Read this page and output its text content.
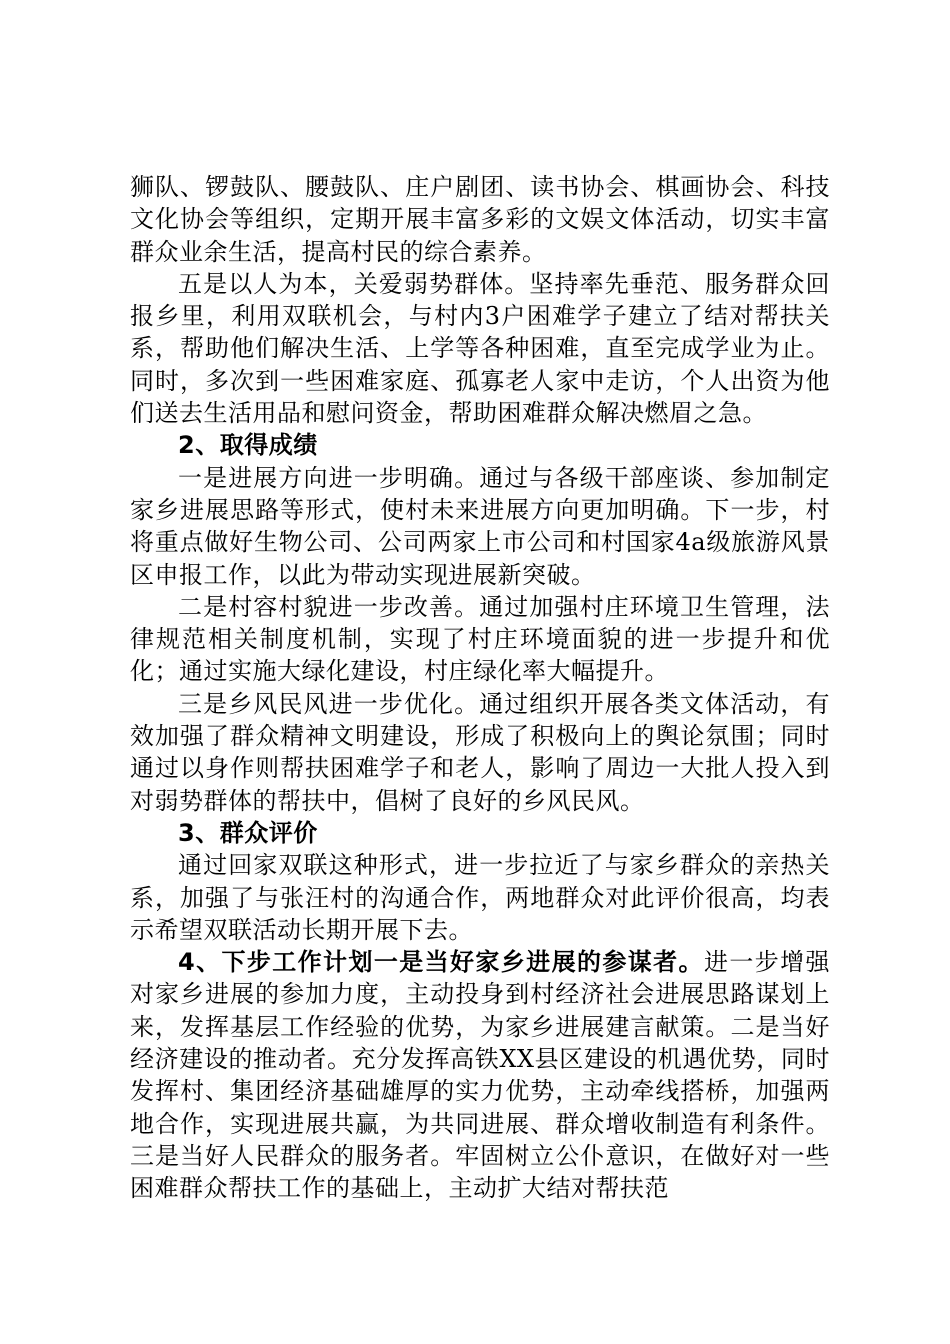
狮队、锣鼓队、腰鼓队、庄户剧团、读书协会、棋画协会、科技文化协会等组织，定期开展丰富多彩的文娱文体活动，切实丰富群众业余生活，提高村民的综合素养。

五是以人为本，关爱弱势群体。坚持率先垂范、服务群众回报乡里，利用双联机会，与村内3户困难学子建立了结对帮扶关系，帮助他们解决生活、上学等各种困难，直至完成学业为止。同时，多次到一些困难家庭、孤寡老人家中走访，个人出资为他们送去生活用品和慰问资金，帮助困难群众解决燃眉之急。

2、取得成绩

一是进展方向进一步明确。通过与各级干部座谈、参加制定家乡进展思路等形式，使村未来进展方向更加明确。下一步，村将重点做好生物公司、公司两家上市公司和村国家4a级旅游风景区申报工作，以此为带动实现进展新突破。

二是村容村貌进一步改善。通过加强村庄环境卫生管理，法律规范相关制度机制，实现了村庄环境面貌的进一步提升和优化；通过实施大绿化建设，村庄绿化率大幅提升。

三是乡风民风进一步优化。通过组织开展各类文体活动，有效加强了群众精神文明建设，形成了积极向上的舆论氛围；同时通过以身作则帮扶困难学子和老人，影响了周边一大批人投入到对弱势群体的帮扶中，倡树了良好的乡风民风。

3、群众评价

通过回家双联这种形式，进一步拉近了与家乡群众的亲热关系，加强了与张汪村的沟通合作，两地群众对此评价很高，均表示希望双联活动长期开展下去。

4、下步工作计划一是当好家乡进展的参谋者。进一步增强对家乡进展的参加力度，主动投身到村经济社会进展思路谋划上来，发挥基层工作经验的优势，为家乡进展建言献策。二是当好经济建设的推动者。充分发挥高铁XX县区建设的机遇优势，同时发挥村、集团经济基础雄厚的实力优势，主动牵线搭桥，加强两地合作，实现进展共赢，为共同进展、群众增收制造有利条件。三是当好人民群众的服务者。牢固树立公仆意识，在做好对一些困难群众帮扶工作的基础上，主动扩大结对帮扶范
